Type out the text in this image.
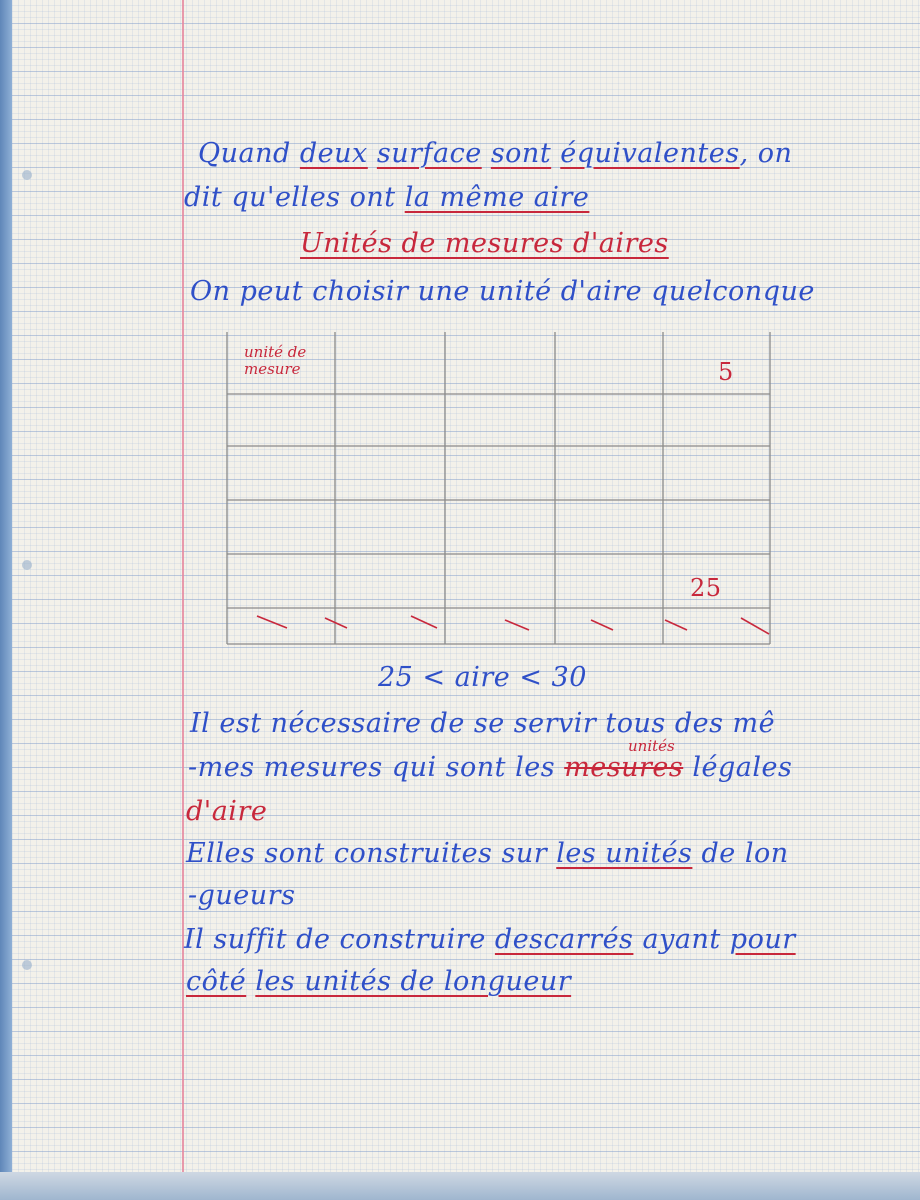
Quand deux surface sont équivalentes, on
dit qu'elles ont la même aire
Unités de mesures d'aires
On peut choisir une unité d'aire quelconque
unité de mesure	5
25
25 < aire < 30
Il est nécessaire de se servir tous des mê
-mes mesures qui sont les mesures légales
unités
d'aire
Elles sont construites sur les unités de lon
-gueurs
Il suffit de construire descarrés ayant pour
côté les unités de longueur
